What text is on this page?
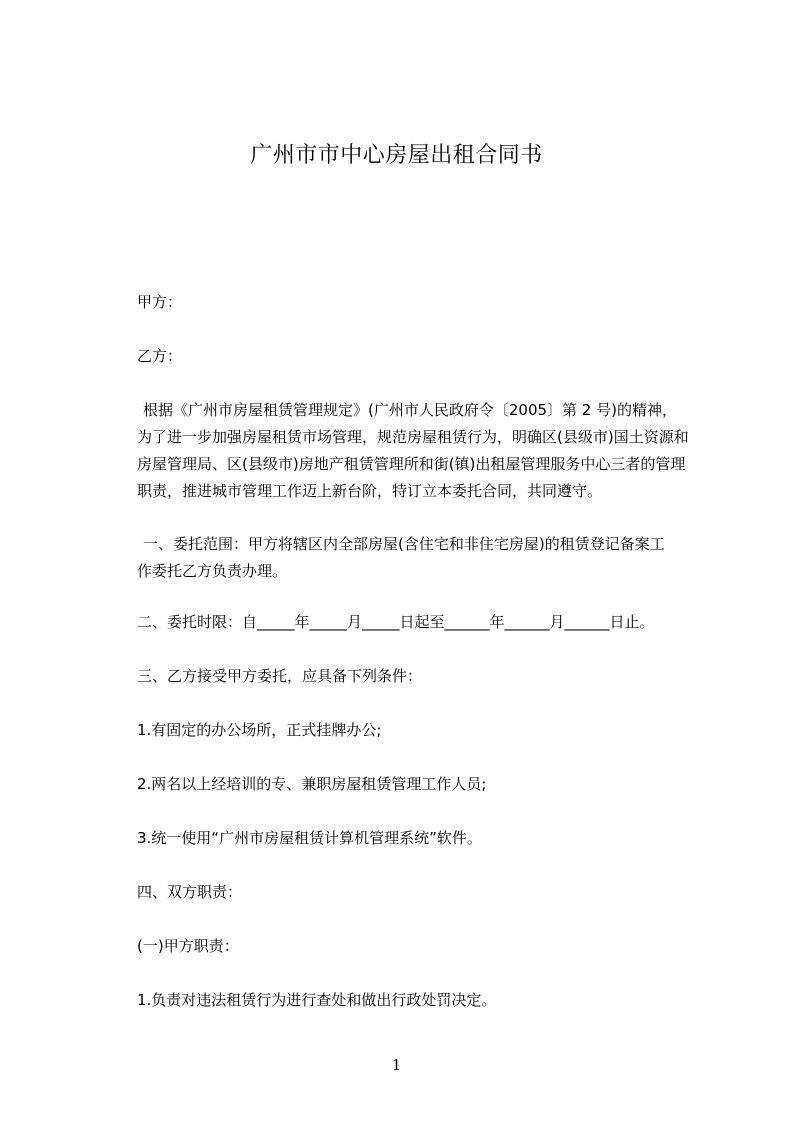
广州市市中心房屋出租合同书
甲方：
乙方：
根据《广州市房屋租赁管理规定》(广州市人民政府令〔2005〕第 2 号)的精神，
为了进一步加强房屋租赁市场管理，规范房屋租赁行为，明确区(县级市)国土资源和
房屋管理局、区(县级市)房地产租赁管理所和街(镇)出租屋管理服务中心三者的管理
职责，推进城市管理工作迈上新台阶，特订立本委托合同，共同遵守。
一、委托范围：甲方将辖区内全部房屋(含住宅和非住宅房屋)的租赁登记备案工
作委托乙方负责办理。
二、委托时限：自_____年_____月_____日起至______年______月______日止。
三、乙方接受甲方委托，应具备下列条件：
1.有固定的办公场所，正式挂牌办公;
2.两名以上经培训的专、兼职房屋租赁管理工作人员;
3.统一使用“广州市房屋租赁计算机管理系统”软件。
四、双方职责：
(一)甲方职责：
1.负责对违法租赁行为进行查处和做出行政处罚决定。
1
